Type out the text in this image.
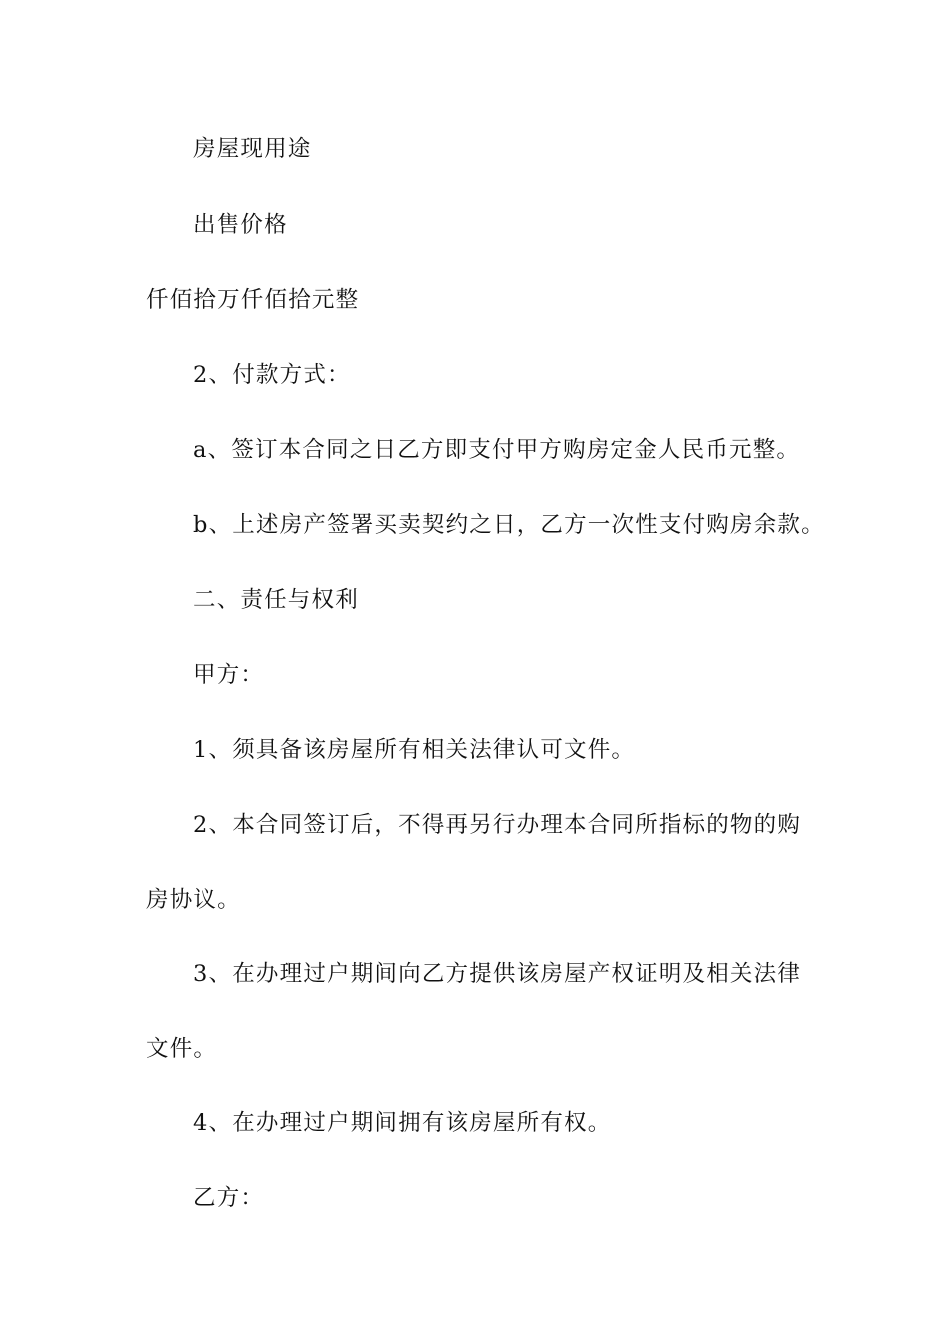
房屋现用途
出售价格
仟佰拾万仟佰拾元整
2、付款方式：
a、签订本合同之日乙方即支付甲方购房定金人民币元整。
b、上述房产签署买卖契约之日，乙方一次性支付购房余款。
二、责任与权利
甲方：
1、须具备该房屋所有相关法律认可文件。
2、本合同签订后，不得再另行办理本合同所指标的物的购
房协议。
3、在办理过户期间向乙方提供该房屋产权证明及相关法律
文件。
4、在办理过户期间拥有该房屋所有权。
乙方：
